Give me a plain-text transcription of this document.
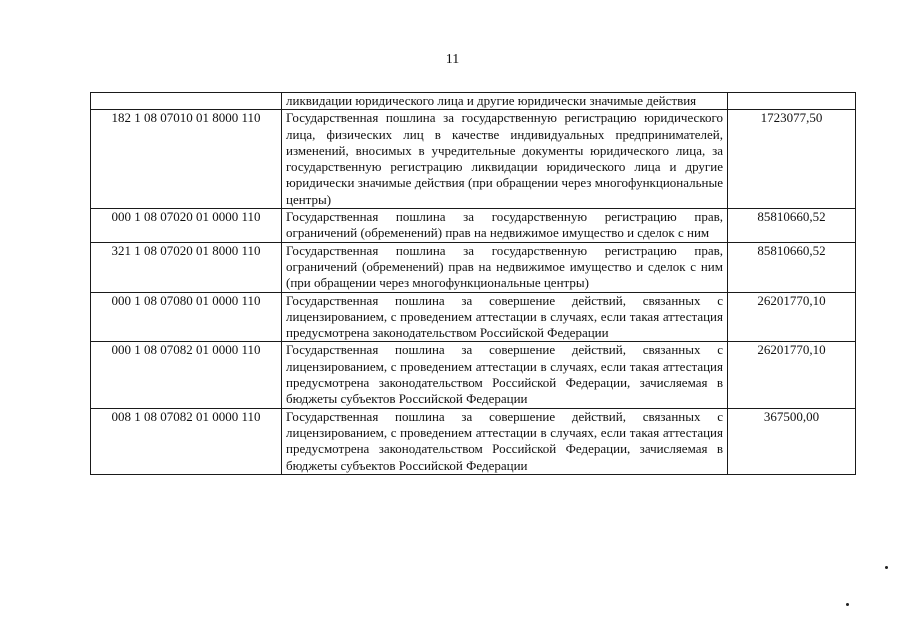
11
	ликвидации юридического лица и другие юридически значимые действия	
182 1 08 07010 01 8000 110	Государственная пошлина за государственную регистрацию юридического лица, физических лиц в качестве индивидуальных предпринимателей, изменений, вносимых в учредительные документы юридического лица, за государственную регистрацию ликвидации юридического лица и другие юридически значимые действия (при обращении через многофункциональные центры)	1723077,50
000 1 08 07020 01 0000 110	Государственная пошлина за государственную регистрацию прав, ограничений (обременений) прав на недвижимое имущество и сделок с ним	85810660,52
321 1 08 07020 01 8000 110	Государственная пошлина за государственную регистрацию прав, ограничений (обременений) прав на недвижимое имущество и сделок с ним (при обращении через многофункциональные центры)	85810660,52
000 1 08 07080 01 0000 110	Государственная пошлина за совершение действий, связанных с лицензированием, с проведением аттестации в случаях, если такая аттестация предусмотрена законодательством Российской Федерации	26201770,10
000 1 08 07082 01 0000 110	Государственная пошлина за совершение действий, связанных с лицензированием, с проведением аттестации в случаях, если такая аттестация предусмотрена законодательством Российской Федерации, зачисляемая в бюджеты субъектов Российской Федерации	26201770,10
008 1 08 07082 01 0000 110	Государственная пошлина за совершение действий, связанных с лицензированием, с проведением аттестации в случаях, если такая аттестация предусмотрена законодательством Российской Федерации, зачисляемая в бюджеты субъектов Российской Федерации	367500,00
